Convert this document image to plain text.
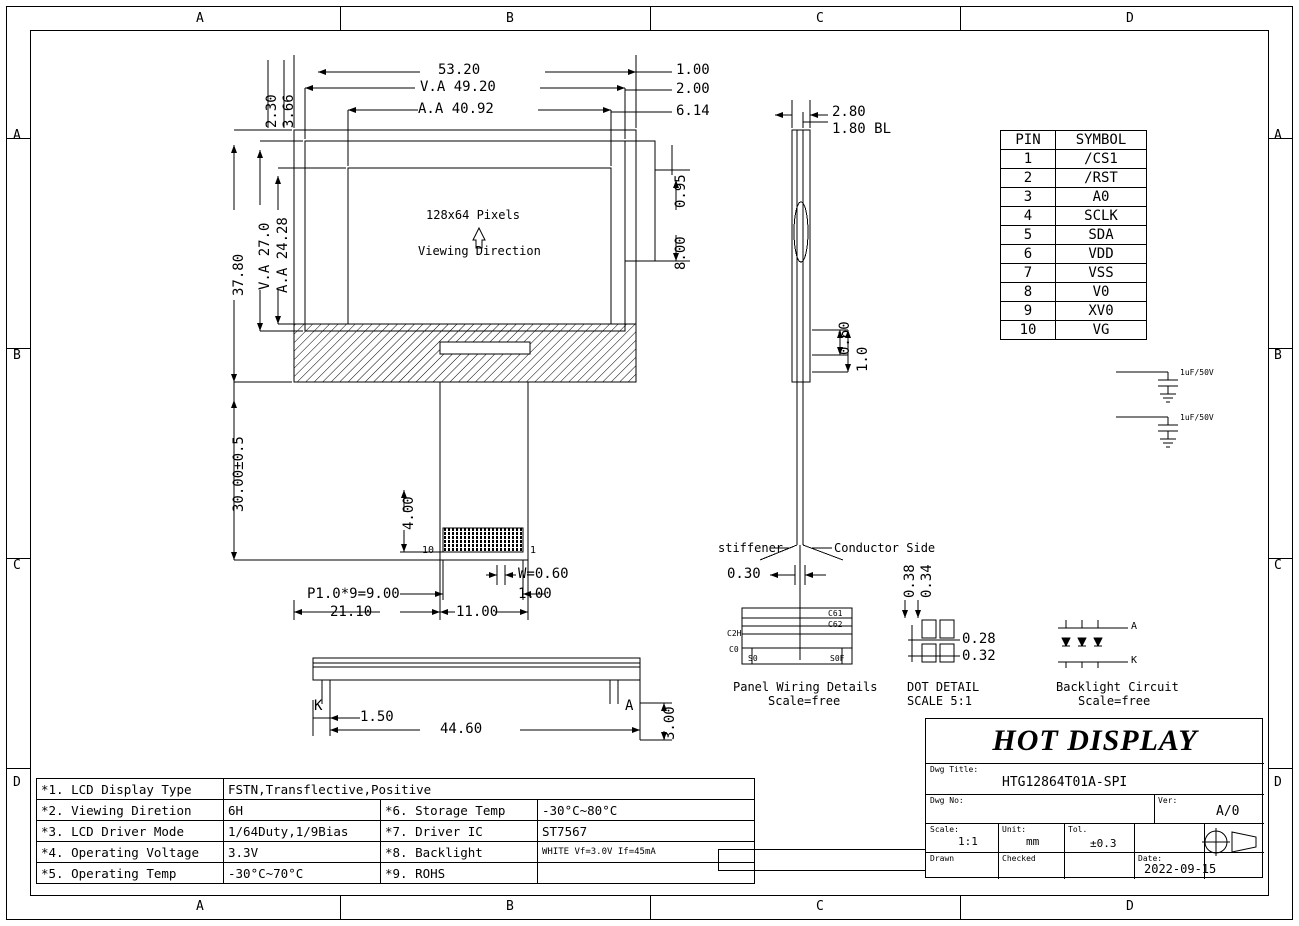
A	B	C	D
A	B	C	D
A
B
C
D
A
B
C
D
53.20
V.A 49.20
A.A 40.92
1.00
2.00
6.14
2.30 3.66
37.80 V.A 27.0 A.A 24.28
30.00±0.5
4.00
0.95
8.00
P1.0*9=9.00
W=0.60
1.00
21.10	11.00
128x64 Pixels
Viewing Direction
10	1
2.80
1.80 BL
0.60
1.0
stiffener	Conductor Side
0.30
K	A
1.50
44.60	3.00
Panel Wiring Details
Scale=free
C61
C62
C2H
C0
S0	S0F
DOT DETAIL
SCALE 5:1
0.38 0.34
0.28
0.32
Backlight Circuit
Scale=free
A
K
PIN	SYMBOL
1	/CS1
2	/RST
3	A0
4	SCLK
5	SDA
6	VDD
7	VSS
8	V0
9	XV0
10	VG
1uF/50V
1uF/50V
*1. LCD Display Type	FSTN,Transflective,Positive		
*2. Viewing Diretion	6H	*6. Storage Temp	-30°C~80°C
*3. LCD Driver Mode	1/64Duty,1/9Bias	*7. Driver IC	ST7567
*4. Operating Voltage	3.3V	*8. Backlight	WHITE Vf=3.0V If=45mA
*5. Operating Temp	-30°C~70°C	*9. ROHS	
HOT DISPLAY
Dwg Title:
HTG12864T01A-SPI
Dwg No:	Ver:
A/0
Scale:
1:1
Unit:
mm
Tol.
±0.3
Drawn	Checked	Date:
2022-09-15
